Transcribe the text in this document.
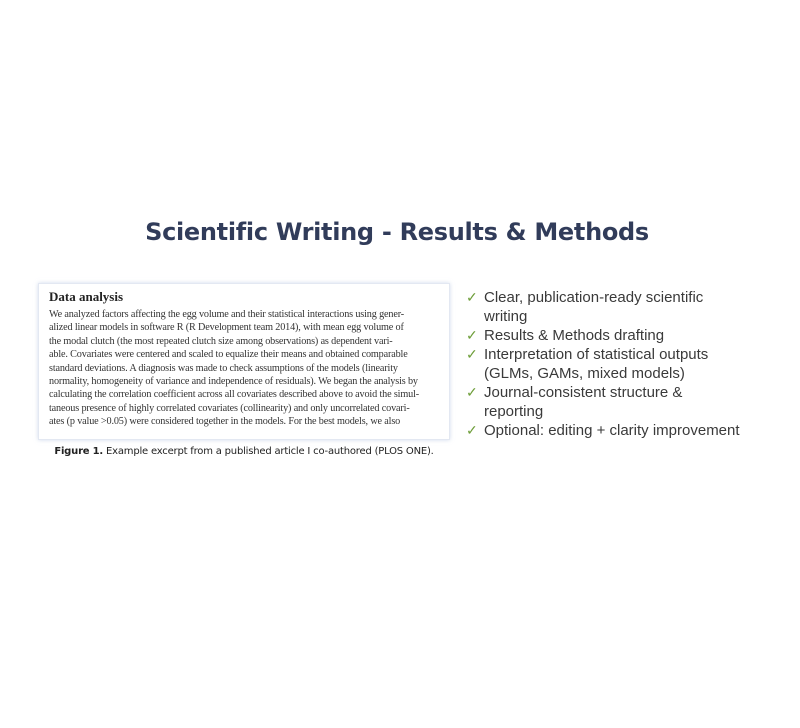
Scientific Writing - Results & Methods
Data analysis
We analyzed factors affecting the egg volume and their statistical interactions using gener-
alized linear models in software R (R Development team 2014), with mean egg volume of
the modal clutch (the most repeated clutch size among observations) as dependent vari-
able. Covariates were centered and scaled to equalize their means and obtained comparable
standard deviations. A diagnosis was made to check assumptions of the models (linearity
normality, homogeneity of variance and independence of residuals). We began the analysis by
calculating the correlation coefficient across all covariates described above to avoid the simul-
taneous presence of highly correlated covariates (collinearity) and only uncorrelated covari-
ates (p value >0.05) were considered together in the models. For the best models, we also
Figure 1. Example excerpt from a published article I co-authored (PLOS ONE).
✓ Clear, publication-ready scientific
writing
✓ Results & Methods drafting
✓ Interpretation of statistical outputs
(GLMs, GAMs, mixed models)
✓ Journal-consistent structure &
reporting
✓ Optional: editing + clarity improvement
